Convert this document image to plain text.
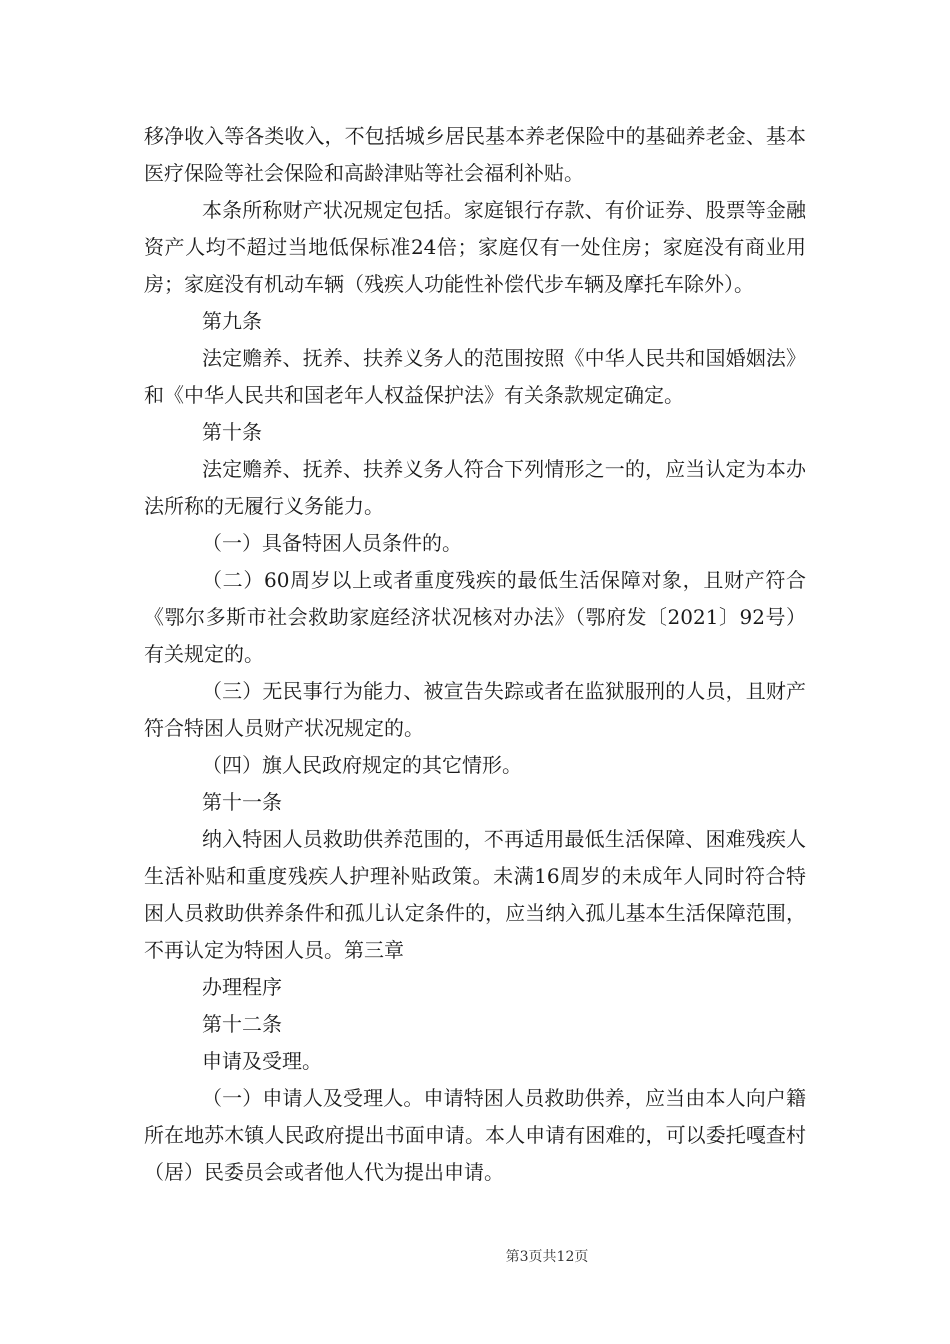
移净收入等各类收入，不包括城乡居民基本养老保险中的基础养老金、基本医疗保险等社会保险和高龄津贴等社会福利补贴。

本条所称财产状况规定包括。家庭银行存款、有价证券、股票等金融资产人均不超过当地低保标准24倍；家庭仅有一处住房；家庭没有商业用房；家庭没有机动车辆（残疾人功能性补偿代步车辆及摩托车除外）。

第九条

法定赡养、抚养、扶养义务人的范围按照《中华人民共和国婚姻法》和《中华人民共和国老年人权益保护法》有关条款规定确定。

第十条

法定赡养、抚养、扶养义务人符合下列情形之一的，应当认定为本办法所称的无履行义务能力。

（一）具备特困人员条件的。

（二）60周岁以上或者重度残疾的最低生活保障对象，且财产符合《鄂尔多斯市社会救助家庭经济状况核对办法》（鄂府发〔2021〕92号）有关规定的。

（三）无民事行为能力、被宣告失踪或者在监狱服刑的人员，且财产符合特困人员财产状况规定的。

（四）旗人民政府规定的其它情形。

第十一条

纳入特困人员救助供养范围的，不再适用最低生活保障、困难残疾人生活补贴和重度残疾人护理补贴政策。未满16周岁的未成年人同时符合特困人员救助供养条件和孤儿认定条件的，应当纳入孤儿基本生活保障范围，不再认定为特困人员。第三章

办理程序

第十二条

申请及受理。

（一）申请人及受理人。申请特困人员救助供养，应当由本人向户籍所在地苏木镇人民政府提出书面申请。本人申请有困难的，可以委托嘎查村（居）民委员会或者他人代为提出申请。

第3页共12页
